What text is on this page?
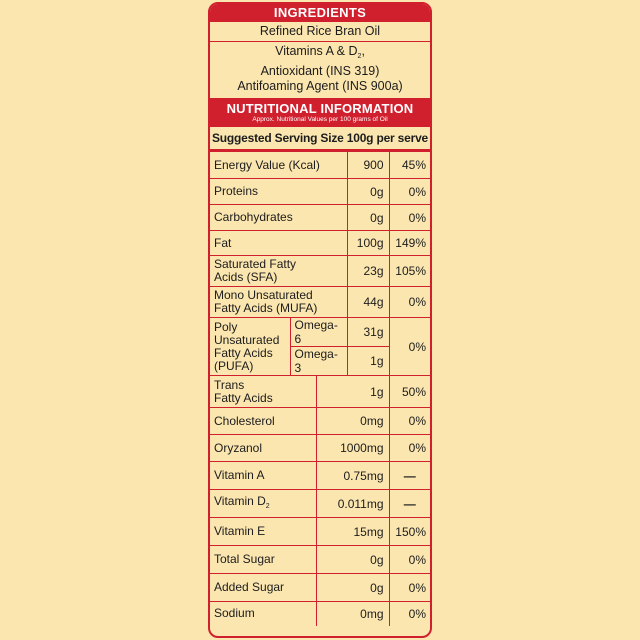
INGREDIENTS
Refined Rice Bran Oil
Vitamins A & $D_2$,
Antioxidant (INS 319)
Antifoaming Agent (INS 900a)
NUTRITIONAL INFORMATION
Approx. Nutritional Values per 100 grams of Oil
Suggested Serving Size 100g per serve
Energy Value (Kcal)			900	45%
Proteins			0g	0%
Carbohydrates			0g	0%
Fat			100g	149%
Saturated Fatty
Acids (SFA)			23g	105%
Mono Unsaturated
Fatty Acids (MUFA)			44g	0%
Poly
Unsaturated
Fatty Acids
(PUFA)	Omega-6		31g	0%
	Omega-3		1g	
Trans
Fatty Acids		1g		50%
Cholesterol		0mg		0%
Oryzanol		1000mg		0%
Vitamin A		0.75mg		—
Vitamin $D_2$		0.011mg		—
Vitamin E		15mg		150%
Total Sugar		0g		0%
Added Sugar		0g		0%
Sodium		0mg		0%
